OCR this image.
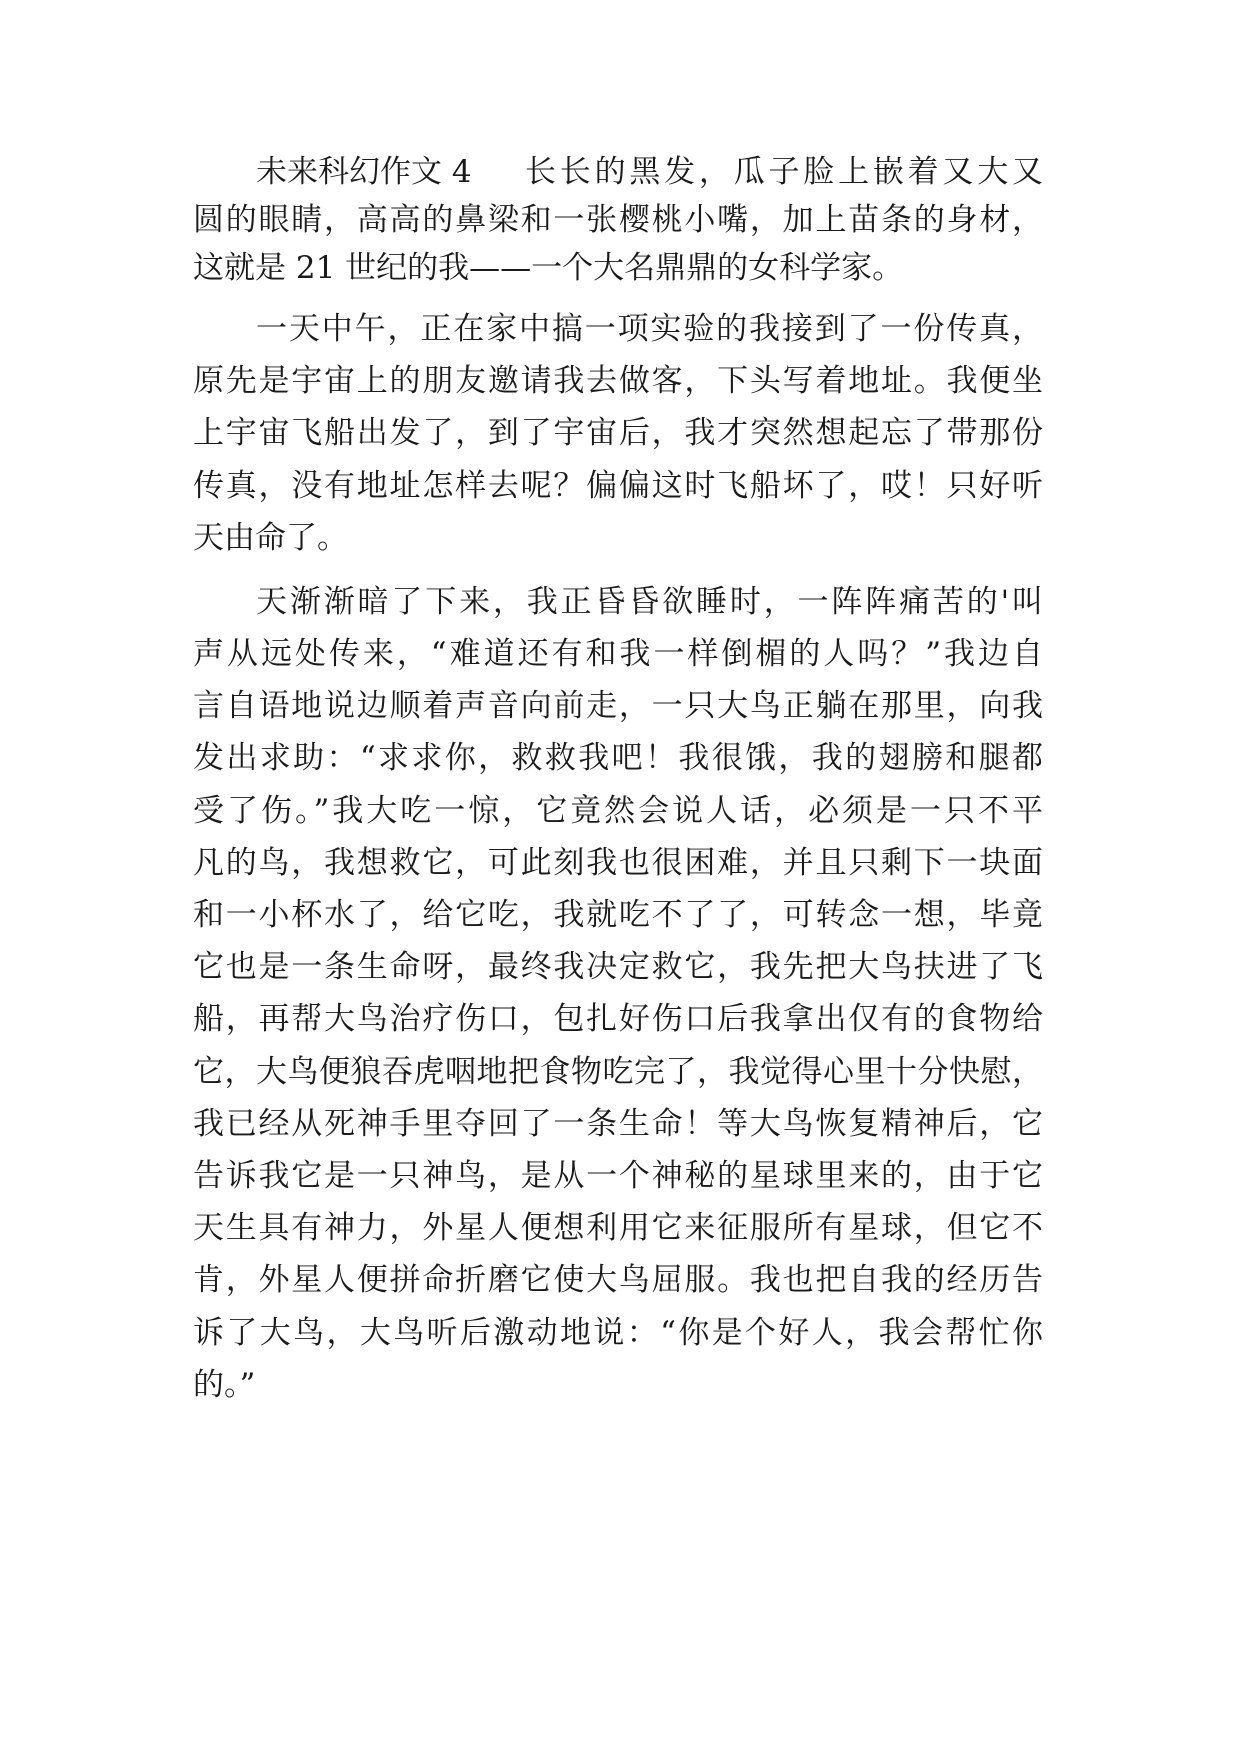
未来科幻作文 4 长长的黑发，瓜子脸上嵌着又大又
圆的眼睛，高高的鼻梁和一张樱桃小嘴，加上苗条的身材，
这就是 21 世纪的我——一个大名鼎鼎的女科学家。
一天中午，正在家中搞一项实验的我接到了一份传真，
原先是宇宙上的朋友邀请我去做客，下头写着地址。我便坐
上宇宙飞船出发了，到了宇宙后，我才突然想起忘了带那份
传真，没有地址怎样去呢？偏偏这时飞船坏了，哎！只好听
天由命了。
天渐渐暗了下来，我正昏昏欲睡时，一阵阵痛苦的'叫
声从远处传来，“难道还有和我一样倒楣的人吗？”我边自
言自语地说边顺着声音向前走，一只大鸟正躺在那里，向我
发出求助：“求求你，救救我吧！我很饿，我的翅膀和腿都
受了伤。”我大吃一惊，它竟然会说人话，必须是一只不平
凡的鸟，我想救它，可此刻我也很困难，并且只剩下一块面
和一小杯水了，给它吃，我就吃不了了，可转念一想，毕竟
它也是一条生命呀，最终我决定救它，我先把大鸟扶进了飞
船，再帮大鸟治疗伤口，包扎好伤口后我拿出仅有的食物给
它，大鸟便狼吞虎咽地把食物吃完了，我觉得心里十分快慰，
我已经从死神手里夺回了一条生命！等大鸟恢复精神后，它
告诉我它是一只神鸟，是从一个神秘的星球里来的，由于它
天生具有神力，外星人便想利用它来征服所有星球，但它不
肯，外星人便拼命折磨它使大鸟屈服。我也把自我的经历告
诉了大鸟，大鸟听后激动地说：“你是个好人，我会帮忙你
的。”
